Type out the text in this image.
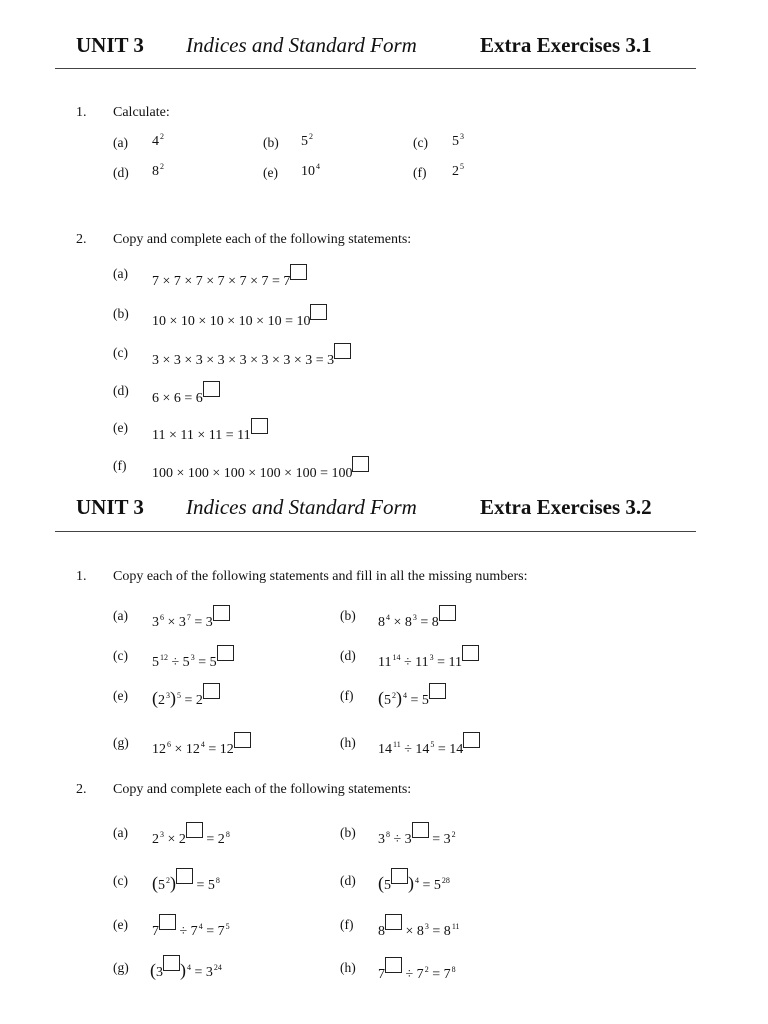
UNIT 3 Indices and Standard Form	Extra Exercises 3.1
1. Calculate:
(a) $4^2$	(b) $5^2$	(c) $5^3$
(d) $8^2$	(e) $10^4$	(f) $2^5$
2. Copy and complete each of the following statements:
(a)
7 × 7 × 7 × 7 × 7 × 7 = 7
(b)
10 × 10 × 10 × 10 × 10 = 10
(c)
3 × 3 × 3 × 3 × 3 × 3 × 3 × 3 = 3
(d)
6 × 6 = 6
(e)
11 × 11 × 11 = 11
(f)
100 × 100 × 100 × 100 × 100 = 100
UNIT 3 Indices and Standard Form	Extra Exercises 3.2
1. Copy each of the following statements and fill in all the missing numbers:
(a) $3^6 \times 3^7 = 3$	(b) $8^4 \times 8^3 = 8$
(c) $5^{12} \div 5^3 = 5$	(d) $11^{14} \div 11^3 = 11$
(e) $(2^3)^5 = 2$	(f) $(5^2)^4 = 5$
(g) $12^6 \times 12^4 = 12$	(h) $14^{11} \div 14^5 = 14$
2. Copy and complete each of the following statements:
(a) $2^3 \times 2 = 2^8$	(b) $3^8 \div 3 = 3^2$
(c) $(5^2) = 5^8$	(d) (5 )$^4 = 5^{28}$
(e) $7 \div 7^4 = 7^5$	(f) $8 \times 8^3 = 8^{11}$
(g) (3 )$^4 = 3^{24}$	(h) $7 \div 7^2 = 7^8$
